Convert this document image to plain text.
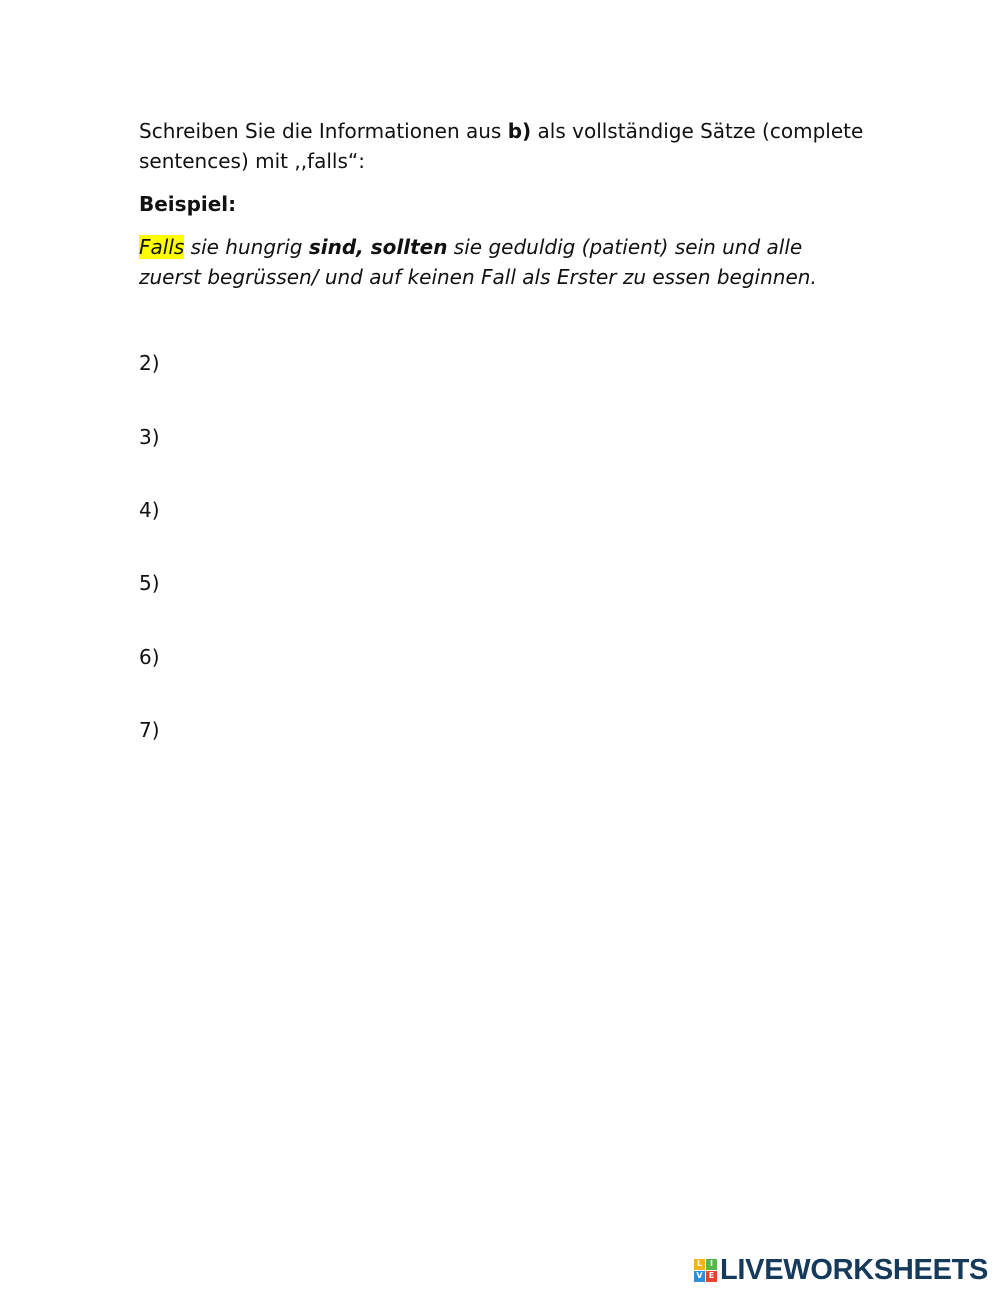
Schreiben Sie die Informationen aus b) als vollständige Sätze (complete sentences) mit ,,falls“:

Beispiel:

Falls sie hungrig sind, sollten sie geduldig (patient) sein und alle zuerst begrüssen/ und auf keinen Fall als Erster zu essen beginnen.

2)

3)

4)

5)

6)

7)

L I
V E LIVEWORKSHEETS
